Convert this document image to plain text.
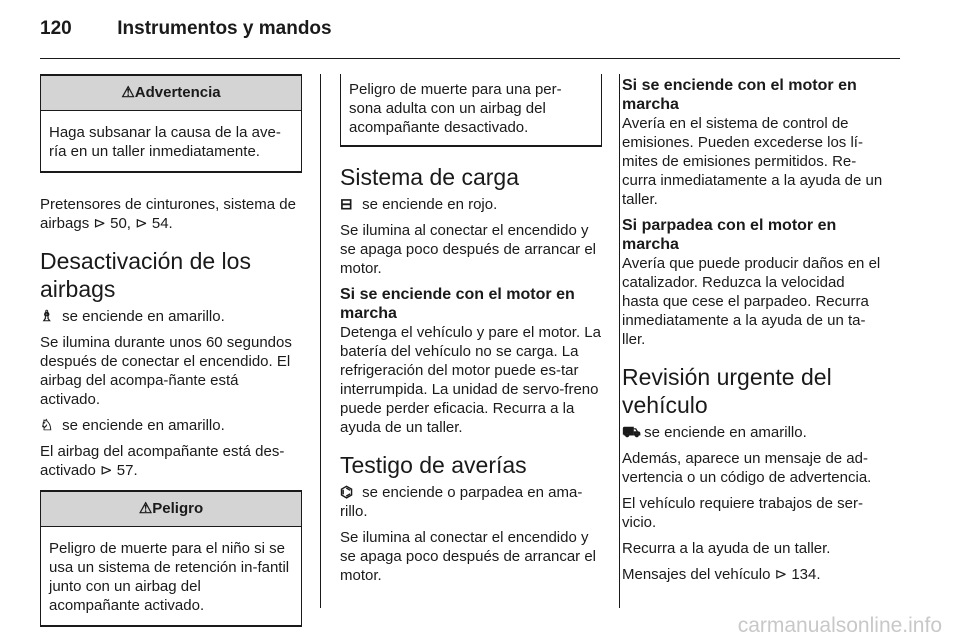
120 Instrumentos y mandos
⚠Advertencia
Haga subsanar la causa de la ave-ría en un taller inmediatamente.

Pretensores de cinturones, sistema de airbags ⊳ 50, ⊳ 54.

Desactivación de los airbags

♗ se enciende en amarillo.

Se ilumina durante unos 60 segundos después de conectar el encendido. El airbag del acompa-ñante está activado.

♘ se enciende en amarillo.

El airbag del acompañante está des-activado ⊳ 57.

⚠Peligro
Peligro de muerte para el niño si se usa un sistema de retención in-fantil junto con un airbag del acompañante activado.
Peligro de muerte para una per-sona adulta con un airbag del acompañante desactivado.
Sistema de carga

⊟ se enciende en rojo.

Se ilumina al conectar el encendido y se apaga poco después de arrancar el motor.

Si se enciende con el motor en marcha

Detenga el vehículo y pare el motor. La batería del vehículo no se carga. La refrigeración del motor puede es-tar interrumpida. La unidad de servo-freno puede perder eficacia. Recurra a la ayuda de un taller.

Testigo de averías

⌬ se enciende o parpadea en ama-rillo.

Se ilumina al conectar el encendido y se apaga poco después de arrancar el motor.

Si se enciende con el motor en marcha

Avería en el sistema de control de emisiones. Pueden excederse los lí-mites de emisiones permitidos. Re-curra inmediatamente a la ayuda de un taller.

Si parpadea con el motor en marcha

Avería que puede producir daños en el catalizador. Reduzca la velocidad hasta que cese el parpadeo. Recurra inmediatamente a la ayuda de un ta-ller.

Revisión urgente del vehículo

⛟ se enciende en amarillo.

Además, aparece un mensaje de ad-vertencia o un código de advertencia.

El vehículo requiere trabajos de ser-vicio.

Recurra a la ayuda de un taller.

Mensajes del vehículo ⊳ 134.

carmanualsonline.info
